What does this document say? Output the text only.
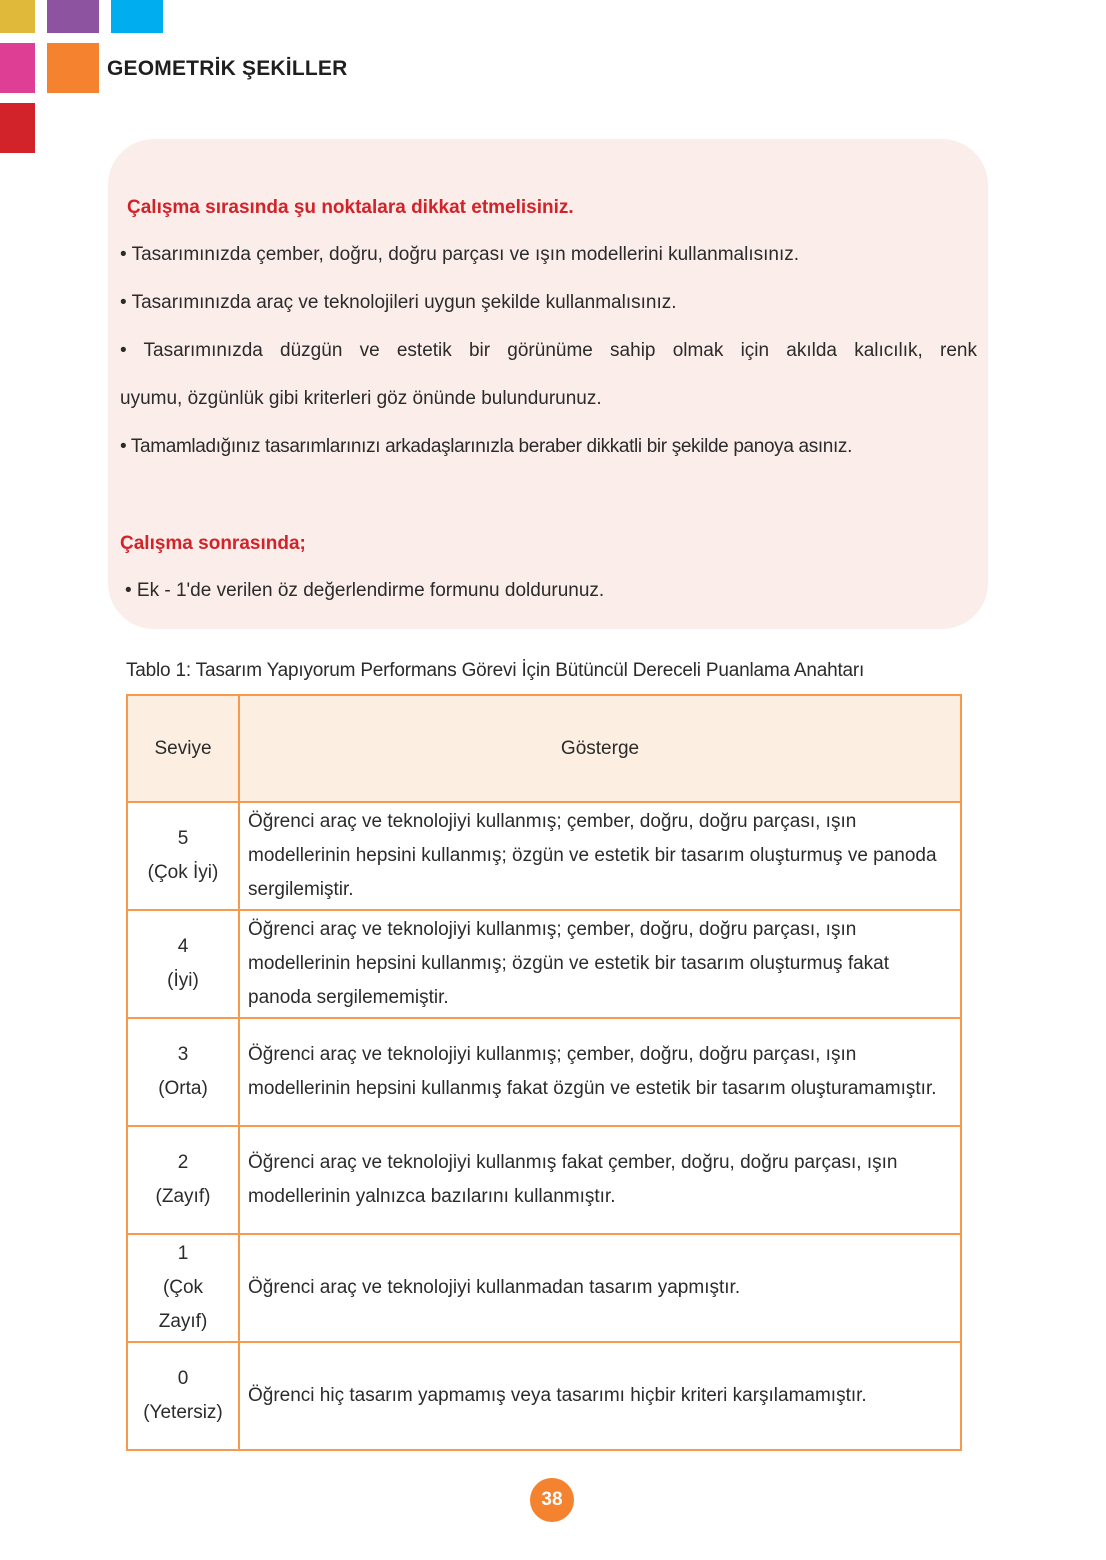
GEOMETRİK ŞEKİLLER
Çalışma sırasında şu noktalara dikkat etmelisiniz.
• Tasarımınızda çember, doğru, doğru parçası ve ışın modellerini kullanmalısınız.
• Tasarımınızda araç ve teknolojileri uygun şekilde kullanmalısınız.
• Tasarımınızda düzgün ve estetik bir görünüme sahip olmak için akılda kalıcılık, renk
uyumu, özgünlük gibi kriterleri göz önünde bulundurunuz.
• Tamamladığınız tasarımlarınızı arkadaşlarınızla beraber dikkatli bir şekilde panoya asınız.
Çalışma sonrasında;
• Ek - 1'de verilen öz değerlendirme formunu doldurunuz.
Tablo 1: Tasarım Yapıyorum Performans Görevi İçin Bütüncül Dereceli Puanlama Anahtarı
Seviye	Gösterge

5
(Çok İyi)	Öğrenci araç ve teknolojiyi kullanmış; çember, doğru, doğru parçası, ışın modellerinin hepsini kullanmış; özgün ve estetik bir tasarım oluşturmuş ve panoda sergilemiştir.

4
(İyi)	Öğrenci araç ve teknolojiyi kullanmış; çember, doğru, doğru parçası, ışın modellerinin hepsini kullanmış; özgün ve estetik bir tasarım oluşturmuş fakat panoda sergilememiştir.

3
(Orta)	Öğrenci araç ve teknolojiyi kullanmış; çember, doğru, doğru parçası, ışın modellerinin hepsini kullanmış fakat özgün ve estetik bir tasarım oluşturamamıştır.

2
(Zayıf)	Öğrenci araç ve teknolojiyi kullanmış fakat çember, doğru, doğru parçası, ışın modellerinin yalnızca bazılarını kullanmıştır.

1
(Çok
Zayıf)	Öğrenci araç ve teknolojiyi kullanmadan tasarım yapmıştır.

0
(Yetersiz)	Öğrenci hiç tasarım yapmamış veya tasarımı hiçbir kriteri karşılamamıştır.
38
